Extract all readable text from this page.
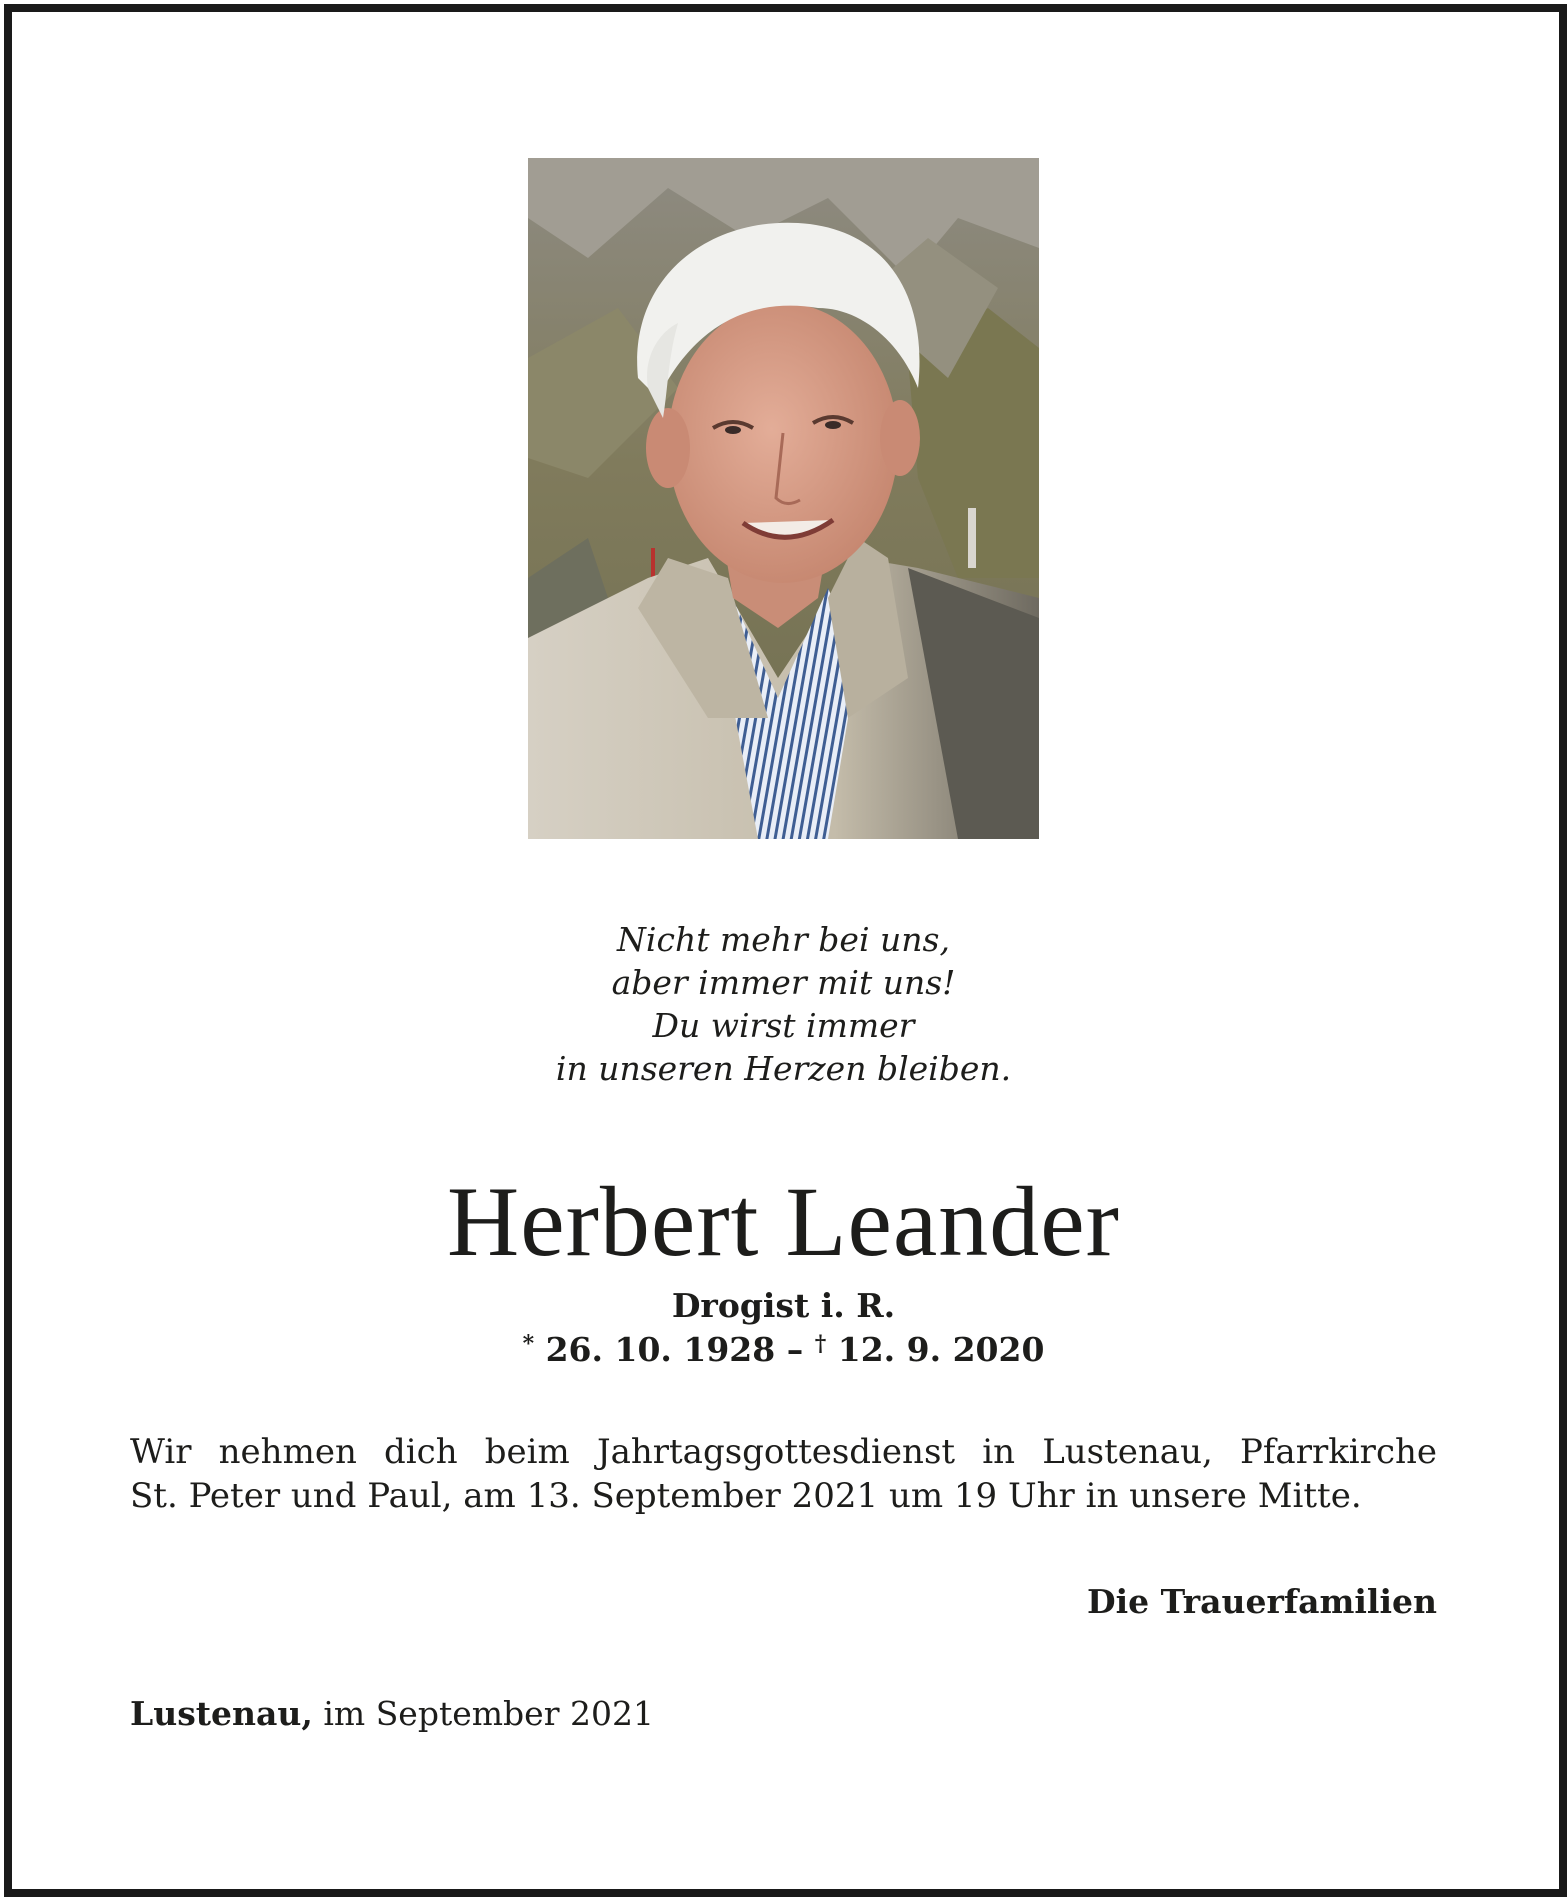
Nicht mehr bei uns,
aber immer mit uns!
Du wirst immer
in unseren Herzen bleiben.
Herbert Leander
Drogist i. R.
* 26. 10. 1928 – † 12. 9. 2020
Wir nehmen dich beim Jahrtagsgottesdienst in Lustenau, Pfarrkirche
St. Peter und Paul, am 13. September 2021 um 19 Uhr in unsere Mitte.
Die Trauerfamilien
Lustenau, im September 2021
